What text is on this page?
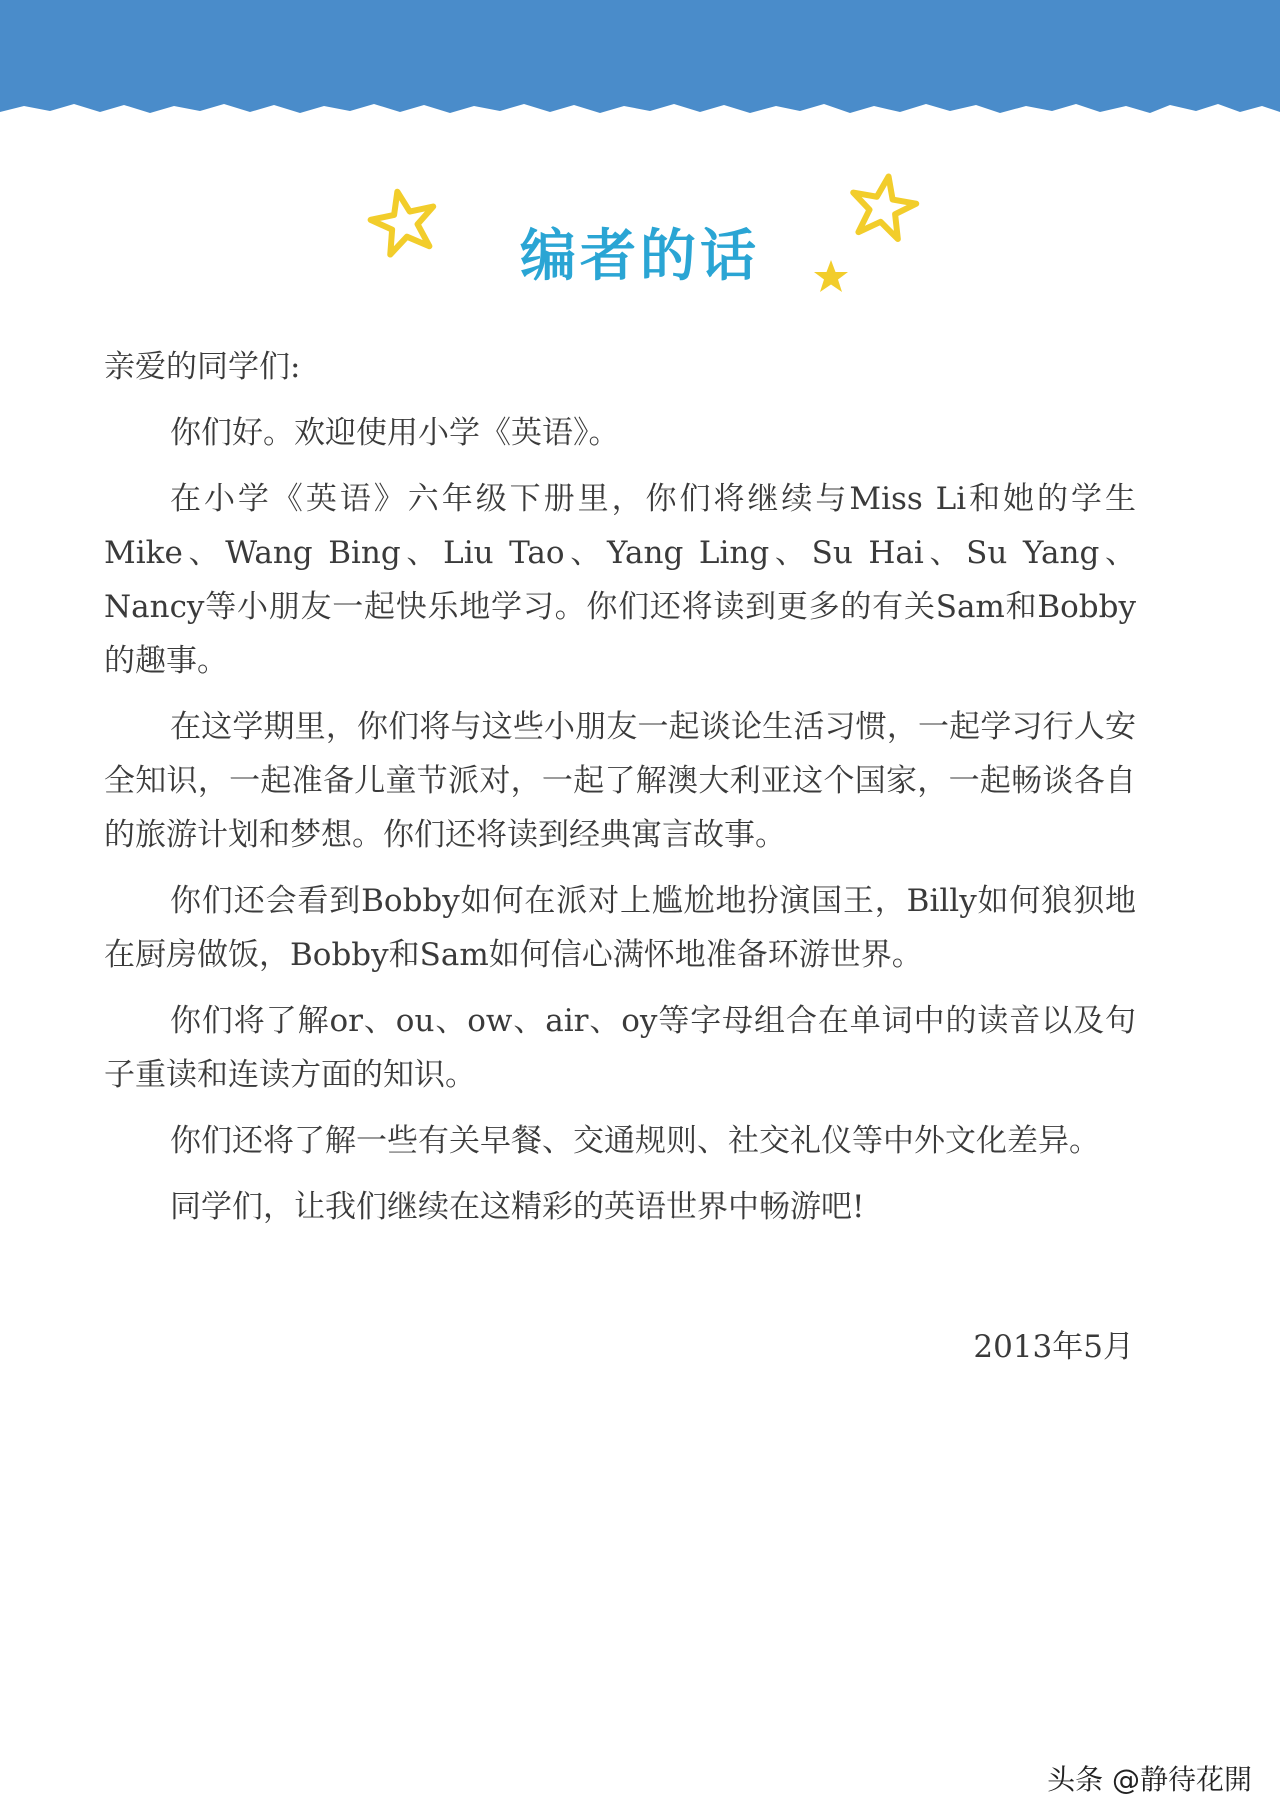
编者的话

亲爱的同学们:

你们好。欢迎使用小学《英语》。

在小学《英语》六年级下册里，你们将继续与Miss Li和她的学生Mike、Wang Bing、Liu Tao、Yang Ling、Su Hai、Su Yang、Nancy等小朋友一起快乐地学习。你们还将读到更多的有关Sam和Bobby的趣事。

在这学期里，你们将与这些小朋友一起谈论生活习惯，一起学习行人安全知识，一起准备儿童节派对，一起了解澳大利亚这个国家，一起畅谈各自的旅游计划和梦想。你们还将读到经典寓言故事。

你们还会看到Bobby如何在派对上尴尬地扮演国王，Billy如何狼狈地在厨房做饭，Bobby和Sam如何信心满怀地准备环游世界。

你们将了解or、ou、ow、air、oy等字母组合在单词中的读音以及句子重读和连读方面的知识。

你们还将了解一些有关早餐、交通规则、社交礼仪等中外文化差异。

同学们，让我们继续在这精彩的英语世界中畅游吧!

2013年5月
头条 @静待花開
